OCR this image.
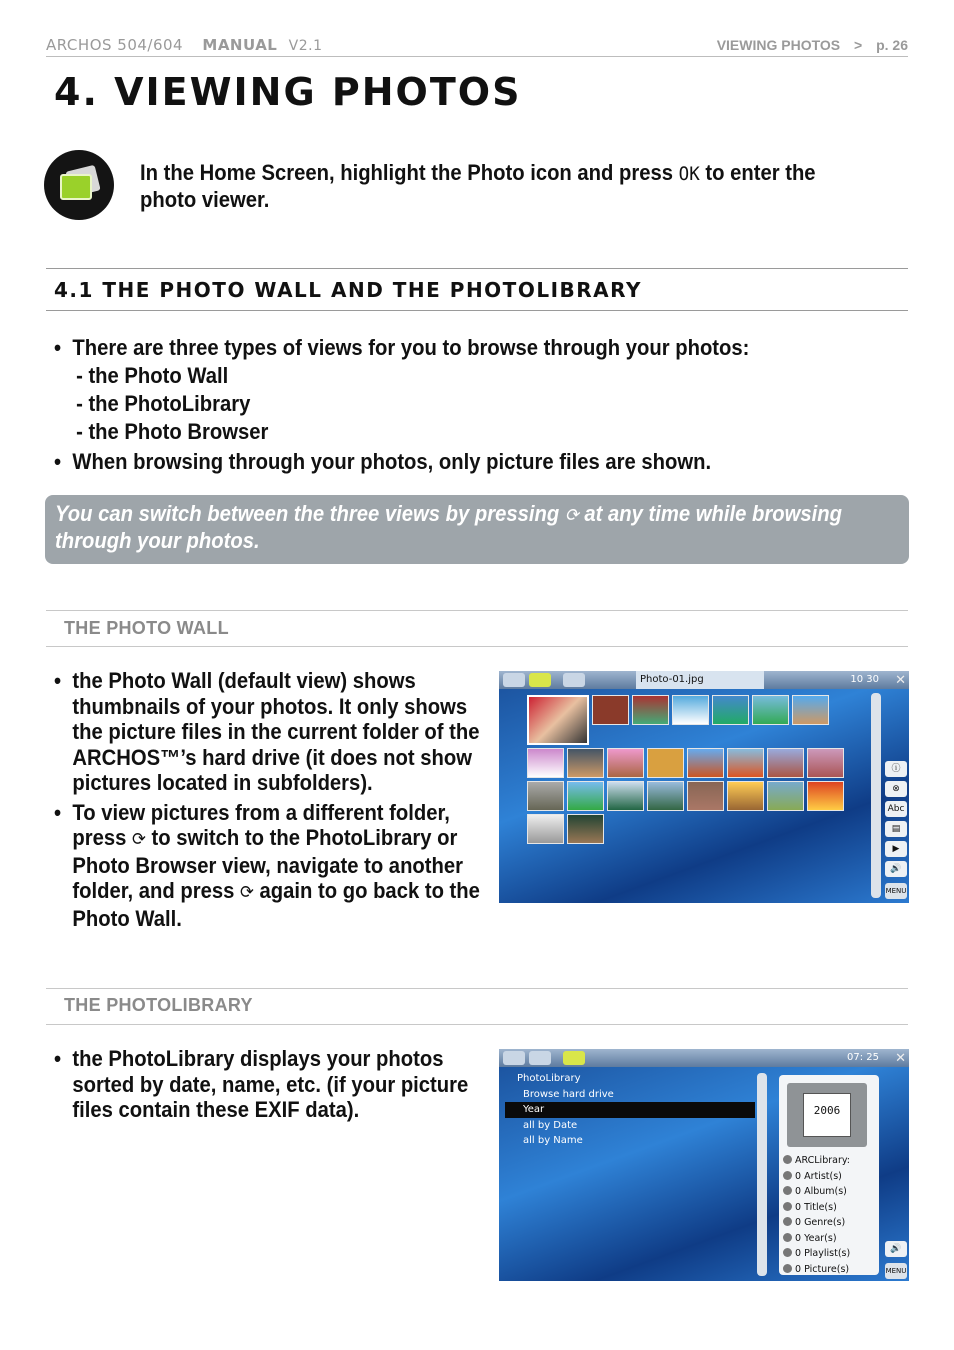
ARCHOS 504/604 MANUAL V2.1	VIEWING PHOTOS > p. 26
4. VIEWING PHOTOS
In the Home Screen, highlight the Photo icon and press OK to enter the photo viewer.
4.1 THE PHOTO WALL AND THE PHOTOLIBRARY
• There are three types of views for you to browse through your photos:
- the Photo Wall
- the PhotoLibrary
- the Photo Browser
• When browsing through your photos, only picture files are shown.
You can switch between the three views by pressing ⟳ at any time while browsing through your photos.
THE PHOTO WALL
• the Photo Wall (default view) shows thumbnails of your photos. It only shows the picture files in the current folder of the ARCHOS™’s hard drive (it does not show pictures located in subfolders).
• To view pictures from a different folder, press ⟳ to switch to the PhotoLibrary or Photo Browser view, navigate to another folder, and press ⟳ again to go back to the Photo Wall.
Photo-01.jpg	10 30 ✕
ⓘ
⊗
Abc
▤
▶
🔊
MENU
THE PHOTOLIBRARY
• the PhotoLibrary displays your photos sorted by date, name, etc. (if your picture files contain these EXIF data).
07: 25 ✕
PhotoLibrary
Browse hard drive
Year
all by Date
all by Name
2006
ARCLibrary:
0 Artist(s)
0 Album(s)
0 Title(s)
0 Genre(s)
0 Year(s)
0 Playlist(s)
0 Picture(s)
🔊
MENU
